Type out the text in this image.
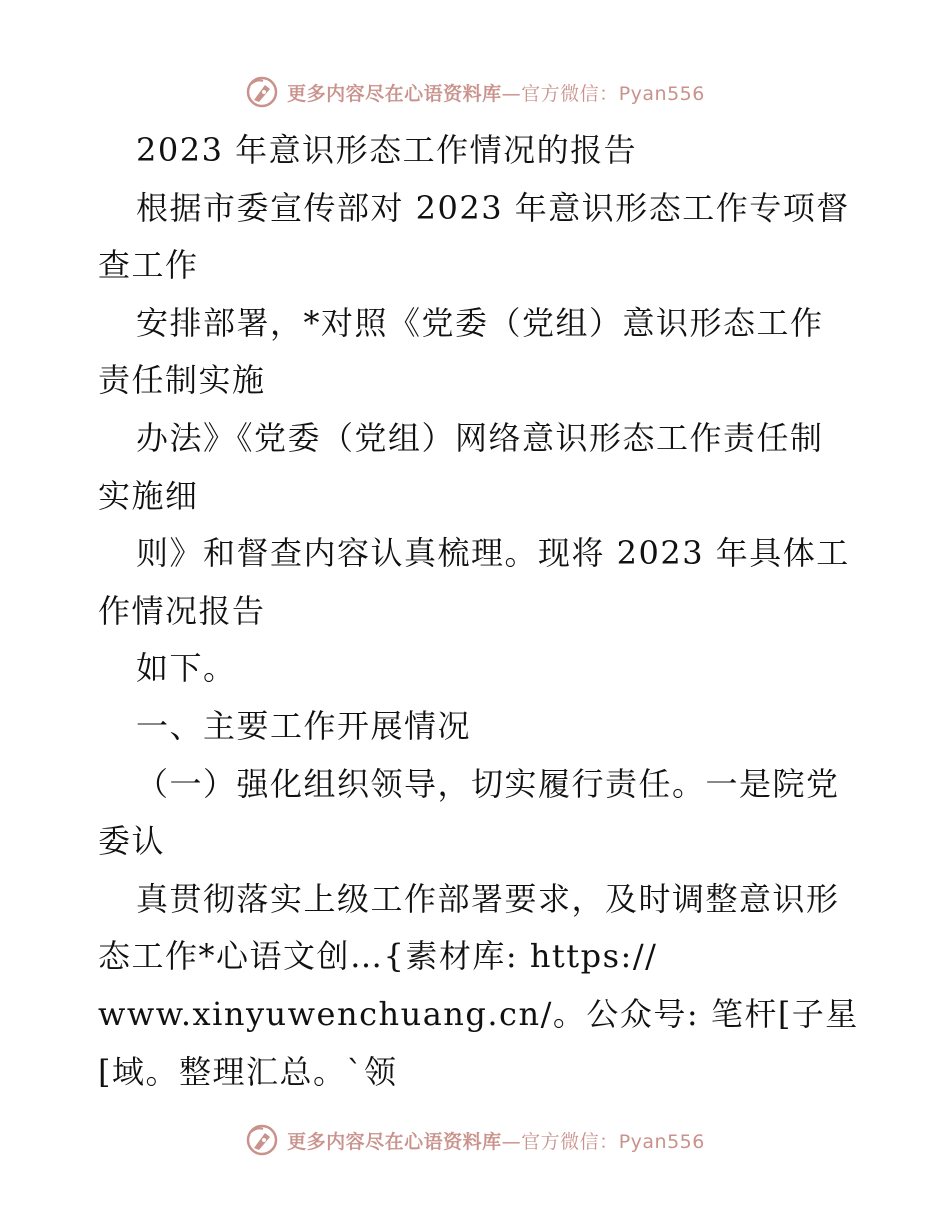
更多内容尽在心语资料库—官方微信：Pyan556
2023 年意识形态工作情况的报告
根据市委宣传部对 2023 年意识形态工作专项督
查工作
安排部署，*对照《党委（党组）意识形态工作
责任制实施
办法》《党委（党组）网络意识形态工作责任制
实施细
则》和督查内容认真梳理。现将 2023 年具体工
作情况报告
如下。
一、主要工作开展情况
（一）强化组织领导，切实履行责任。一是院党
委认
真贯彻落实上级工作部署要求，及时调整意识形
态工作*心语文创…{素材库: https://
www.xinyuwenchuang.cn/。公众号: 笔杆[子星
[域。整理汇总。`领
更多内容尽在心语资料库—官方微信：Pyan556
